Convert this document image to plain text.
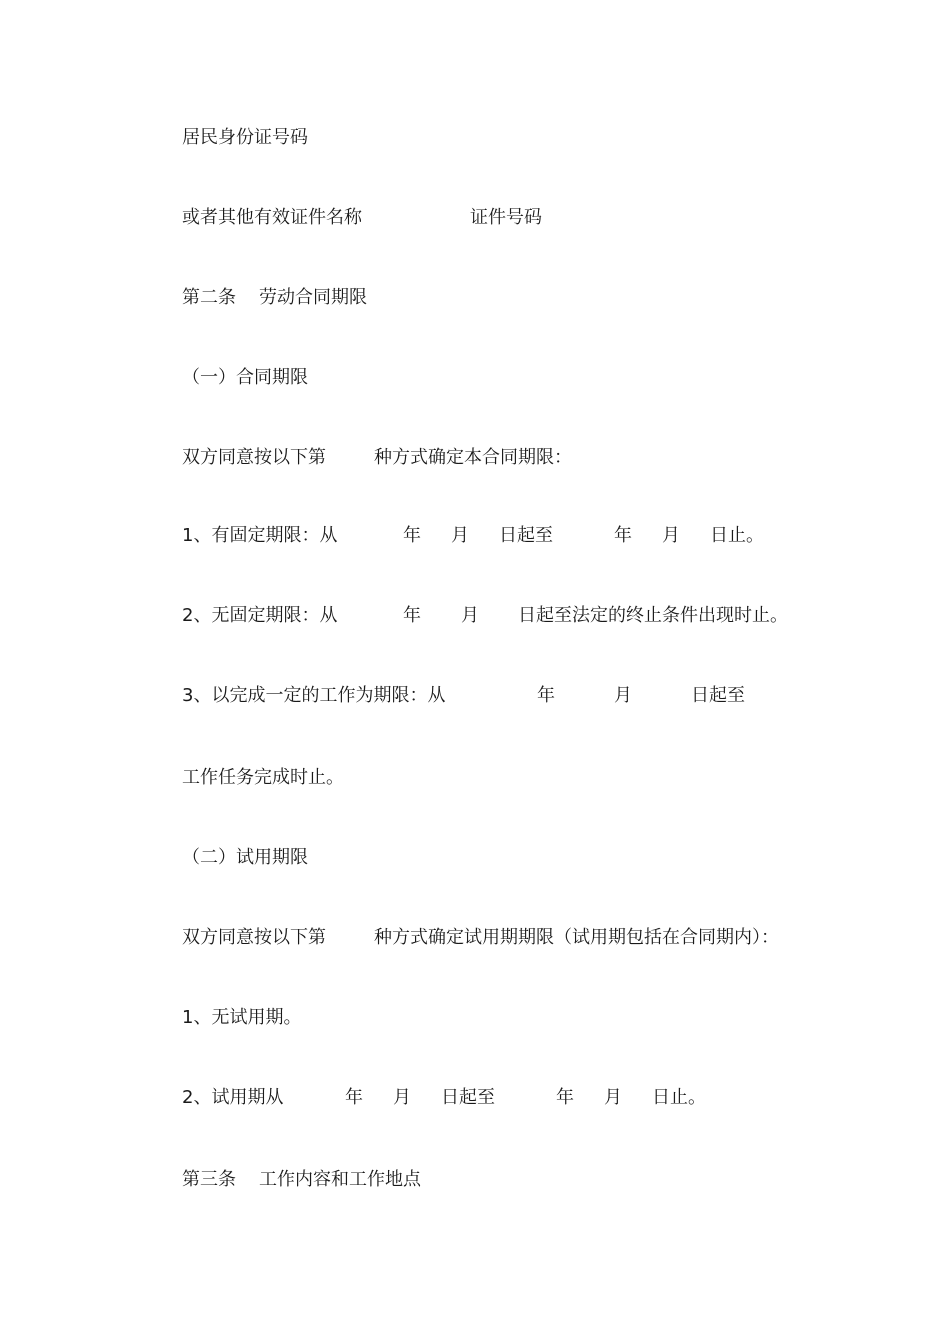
居民身份证号码
或者其他有效证件名称	证件号码
第二条 劳动合同期限
（一）合同期限
双方同意按以下第	种方式确定本合同期限：
1、有固定期限：从	年 月 日起至	年 月 日止。
2、无固定期限：从	年 月 日起至法定的终止条件出现时止。
3、以完成一定的工作为期限：从	年	月	日起至
工作任务完成时止。
（二）试用期限
双方同意按以下第	种方式确定试用期期限（试用期包括在合同期内）：
1、无试用期。
2、试用期从	年 月 日起至	年 月 日止。
第三条 工作内容和工作地点
